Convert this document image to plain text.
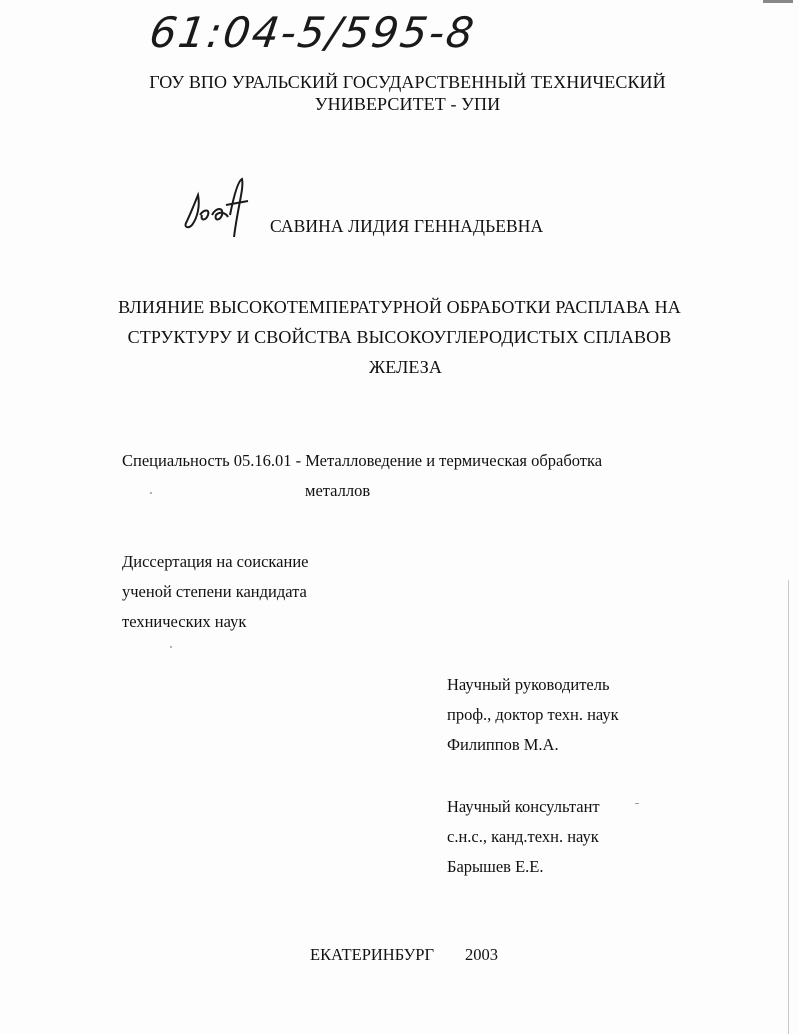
61:04-5/595-8
ГОУ ВПО УРАЛЬСКИЙ ГОСУДАРСТВЕННЫЙ ТЕХНИЧЕСКИЙ
УНИВЕРСИТЕТ - УПИ
САВИНА ЛИДИЯ ГЕННАДЬЕВНА
ВЛИЯНИЕ ВЫСОКОТЕМПЕРАТУРНОЙ ОБРАБОТКИ РАСПЛАВА НА
СТРУКТУРУ И СВОЙСТВА ВЫСОКОУГЛЕРОДИСТЫХ СПЛАВОВ
ЖЕЛЕЗА
Специальность 05.16.01 - Металловедение и термическая обработка
металлов
Диссертация на соискание
ученой степени кандидата
технических наук
Научный руководитель
проф., доктор техн. наук
Филиппов М.А.
Научный консультант
с.н.с., канд.техн. наук
Барышев Е.Е.
ЕКАТЕРИНБУРГ 2003
